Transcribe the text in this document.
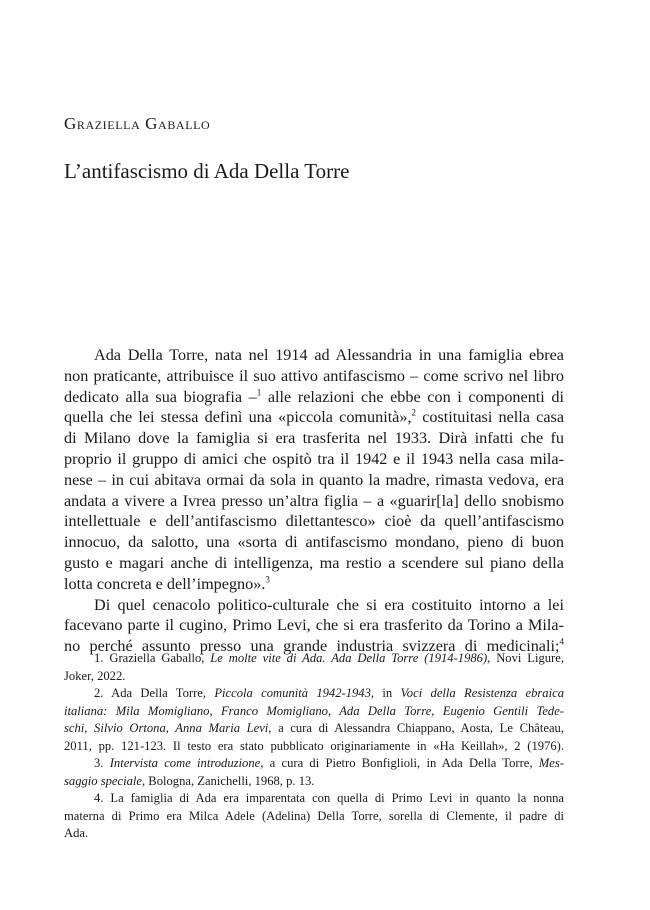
Graziella Gaballo
L’antifascismo di Ada Della Torre
Ada Della Torre, nata nel 1914 ad Alessandria in una famiglia ebrea
non praticante, attribuisce il suo attivo antifascismo – come scrivo nel libro
dedicato alla sua biografia –$^1$ alle relazioni che ebbe con i componenti di
quella che lei stessa definì una «piccola comunità»,$^2$ costituitasi nella casa
di Milano dove la famiglia si era trasferita nel 1933. Dirà infatti che fu
proprio il gruppo di amici che ospitò tra il 1942 e il 1943 nella casa mila-
nese – in cui abitava ormai da sola in quanto la madre, rimasta vedova, era
andata a vivere a Ivrea presso un’altra figlia – a «guarir[la] dello snobismo
intellettuale e dell’antifascismo dilettantesco» cioè da quell’antifascismo
innocuo, da salotto, una «sorta di antifascismo mondano, pieno di buon
gusto e magari anche di intelligenza, ma restio a scendere sul piano della
lotta concreta e dell’impegno».$^3$
Di quel cenacolo politico-culturale che si era costituito intorno a lei
facevano parte il cugino, Primo Levi, che si era trasferito da Torino a Mila-
no perché assunto presso una grande industria svizzera di medicinali;$^4$
1. Graziella Gaballo, Le molte vite di Ada. Ada Della Torre (1914-1986), Novi Ligure,
Joker, 2022.
2. Ada Della Torre, Piccola comunità 1942-1943, in Voci della Resistenza ebraica
italiana: Mila Momigliano, Franco Momigliano, Ada Della Torre, Eugenio Gentili Tede-
schi, Silvio Ortona, Anna Maria Levi, a cura di Alessandra Chiappano, Aosta, Le Château,
2011, pp. 121-123. Il testo era stato pubblicato originariamente in «Ha Keillah», 2 (1976).
3. Intervista come introduzione, a cura di Pietro Bonfiglioli, in Ada Della Torre, Mes-
saggio speciale, Bologna, Zanichelli, 1968, p. 13.
4. La famiglia di Ada era imparentata con quella di Primo Levi in quanto la nonna
materna di Primo era Milca Adele (Adelina) Della Torre, sorella di Clemente, il padre di
Ada.
